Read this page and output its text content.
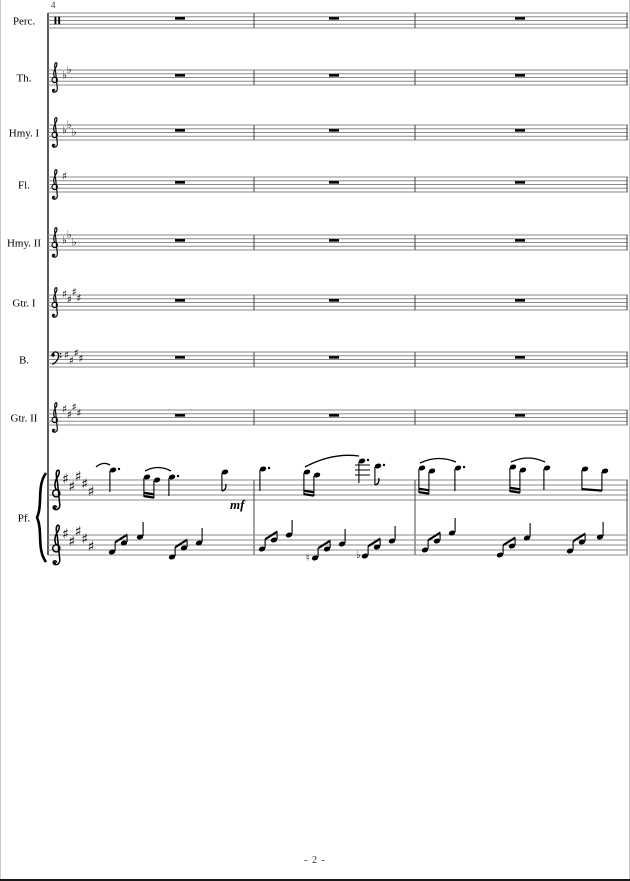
4
Perc.
Th.	♭ ♭
Hmy. I ♭ ♭
♭
Fl.
♯
Hmy. II ♭ ♭
♭
Gtr. I
♯ ♯
♯ ♯
B.	♯ ♯
♯ ♯
Gtr. II
♯ ♯
♯ ♯
Pf.
♯ ♯
♯ ♯ ♯
♯ ♯
♯ ♯ ♯
mf
♮	♭
- 2 -
